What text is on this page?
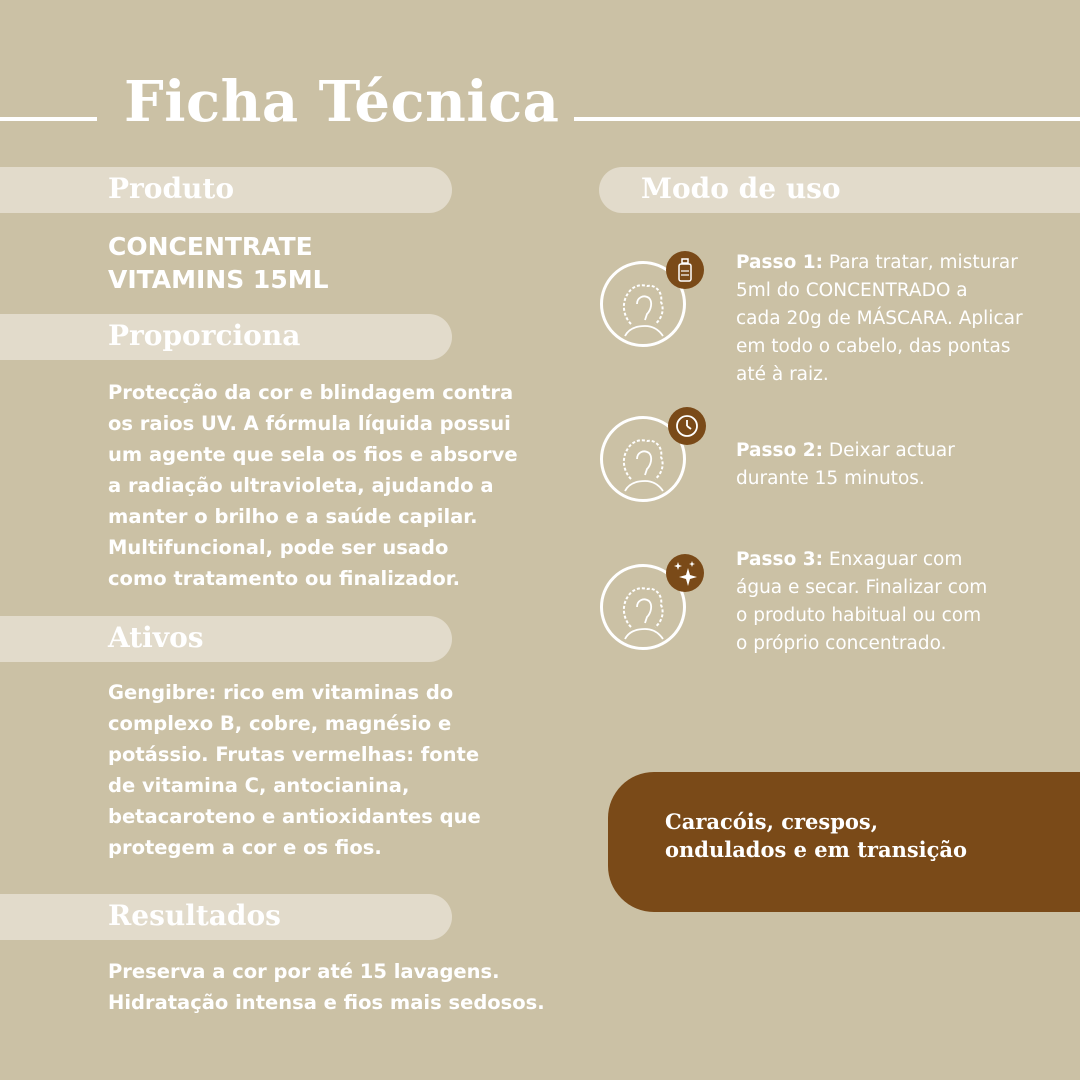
Ficha Técnica
Produto
CONCENTRATE
VITAMINS 15ML
Proporciona
Protecção da cor e blindagem contra
os raios UV. A fórmula líquida possui
um agente que sela os fios e absorve
a radiação ultravioleta, ajudando a
manter o brilho e a saúde capilar.
Multifuncional, pode ser usado
como tratamento ou finalizador.
Ativos
Gengibre: rico em vitaminas do
complexo B, cobre, magnésio e
potássio. Frutas vermelhas: fonte
de vitamina C, antocianina,
betacaroteno e antioxidantes que
protegem a cor e os fios.
Resultados
Preserva a cor por até 15 lavagens.
Hidratação intensa e fios mais sedosos.
Modo de uso
Passo 1: Para tratar, misturar
5ml do CONCENTRADO a
cada 20g de MÁSCARA. Aplicar
em todo o cabelo, das pontas
até à raiz.
Passo 2: Deixar actuar
durante 15 minutos.
Passo 3: Enxaguar com
água e secar. Finalizar com
o produto habitual ou com
o próprio concentrado.
Caracóis, crespos,
ondulados e em transição
